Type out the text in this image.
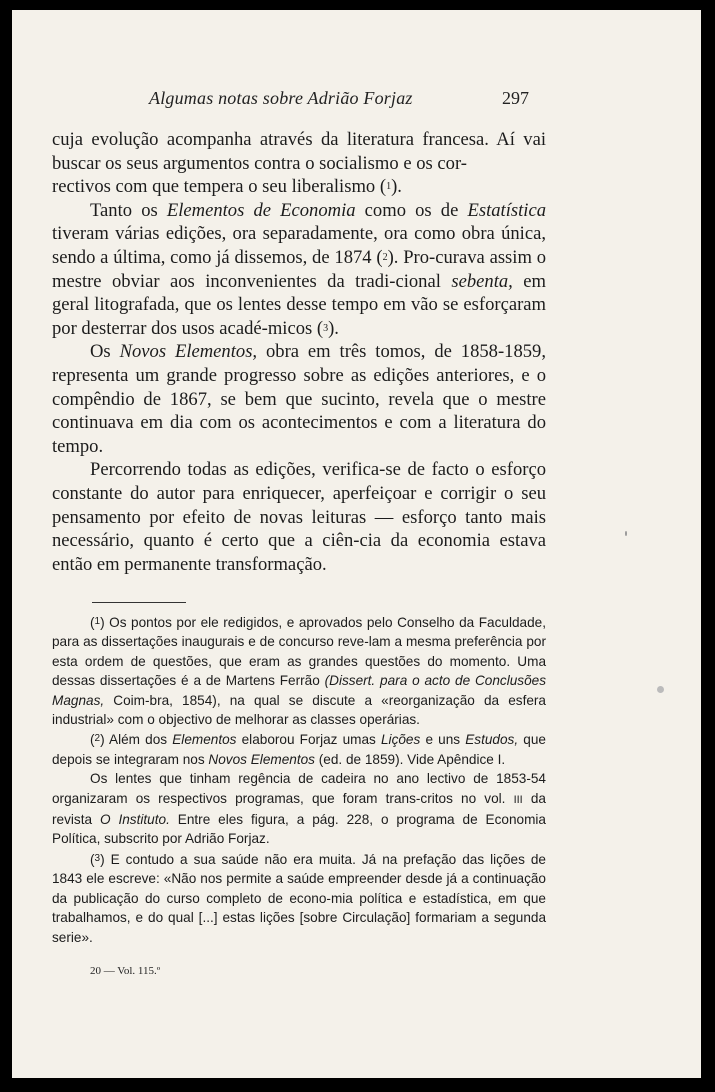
Algumas notas sobre Adrião Forjaz	297

cuja evolução acompanha através da literatura francesa. Aí vai buscar os seus argumentos contra o socialismo e os cor-
rectivos com que tempera o seu liberalismo (1).

Tanto os Elementos de Economia como os de Estatística tiveram várias edições, ora separadamente, ora como obra única, sendo a última, como já dissemos, de 1874 (2). Pro-curava assim o mestre obviar aos inconvenientes da tradi-cional sebenta, em geral litografada, que os lentes desse tempo em vão se esforçaram por desterrar dos usos acadé-micos (3).

Os Novos Elementos, obra em três tomos, de 1858-1859, representa um grande progresso sobre as edições anteriores, e o compêndio de 1867, se bem que sucinto, revela que o mestre continuava em dia com os acontecimentos e com a literatura do tempo.

Percorrendo todas as edições, verifica-se de facto o esforço constante do autor para enriquecer, aperfeiçoar e corrigir o seu pensamento por efeito de novas leituras — esforço tanto mais necessário, quanto é certo que a ciên-cia da economia estava então em permanente transformação.

($^1$) Os pontos por ele redigidos, e aprovados pelo Conselho da Faculdade, para as dissertações inaugurais e de concurso reve-lam a mesma preferência por esta ordem de questões, que eram as grandes questões do momento. Uma dessas dissertações é a de Martens Ferrão (Dissert. para o acto de Conclusões Magnas, Coim-bra, 1854), na qual se discute a «reorganização da esfera industrial» com o objectivo de melhorar as classes operárias.

($^2$) Além dos Elementos elaborou Forjaz umas Lições e uns Estudos, que depois se integraram nos Novos Elementos (ed. de 1859). Vide Apêndice I.

Os lentes que tinham regência de cadeira no ano lectivo de 1853-54 organizaram os respectivos programas, que foram trans-critos no vol. III da revista O Instituto. Entre eles figura, a pág. 228, o programa de Economia Política, subscrito por Adrião Forjaz.

($^3$) E contudo a sua saúde não era muita. Já na prefação das lições de 1843 ele escreve: «Não nos permite a saúde empreender desde já a continuação da publicação do curso completo de econo-mia política e estadística, em que trabalhamos, e do qual [...] estas lições [sobre Circulação] formariam a segunda serie».

20 — Vol. 115.º
